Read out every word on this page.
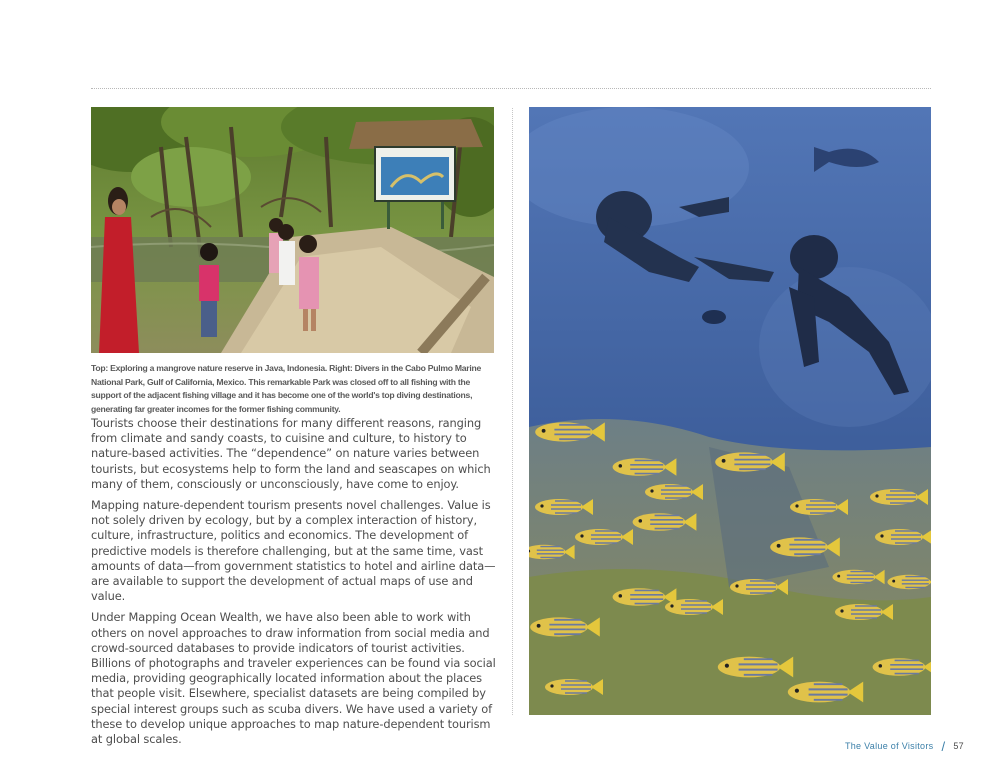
Top: Exploring a mangrove nature reserve in Java, Indonesia. Right: Divers in the Cabo Pulmo Marine National Park, Gulf of California, Mexico. This remarkable Park was closed off to all fishing with the support of the adjacent fishing village and it has become one of the world's top diving destinations, generating far greater incomes for the former fishing community.

Tourists choose their destinations for many different reasons, ranging from climate and sandy coasts, to cuisine and culture, to history to nature-based activities. The “dependence” on nature varies between tourists, but ecosystems help to form the land and seascapes on which many of them, consciously or unconsciously, have come to enjoy.

Mapping nature-dependent tourism presents novel challenges. Value is not solely driven by ecology, but by a complex interaction of history, culture, infrastructure, politics and economics. The development of predictive models is therefore challenging, but at the same time, vast amounts of data—from government statistics to hotel and airline data—are available to support the development of actual maps of use and value.

Under Mapping Ocean Wealth, we have also been able to work with others on novel approaches to draw information from social media and crowd-sourced databases to provide indicators of tourist activities. Billions of photographs and traveler experiences can be found via social media, providing geographically located information about the places that people visit. Elsewhere, specialist datasets are being compiled by special interest groups such as scuba divers. We have used a variety of these to develop unique approaches to map nature-dependent tourism at global scales.	The Value of Visitors / 57
